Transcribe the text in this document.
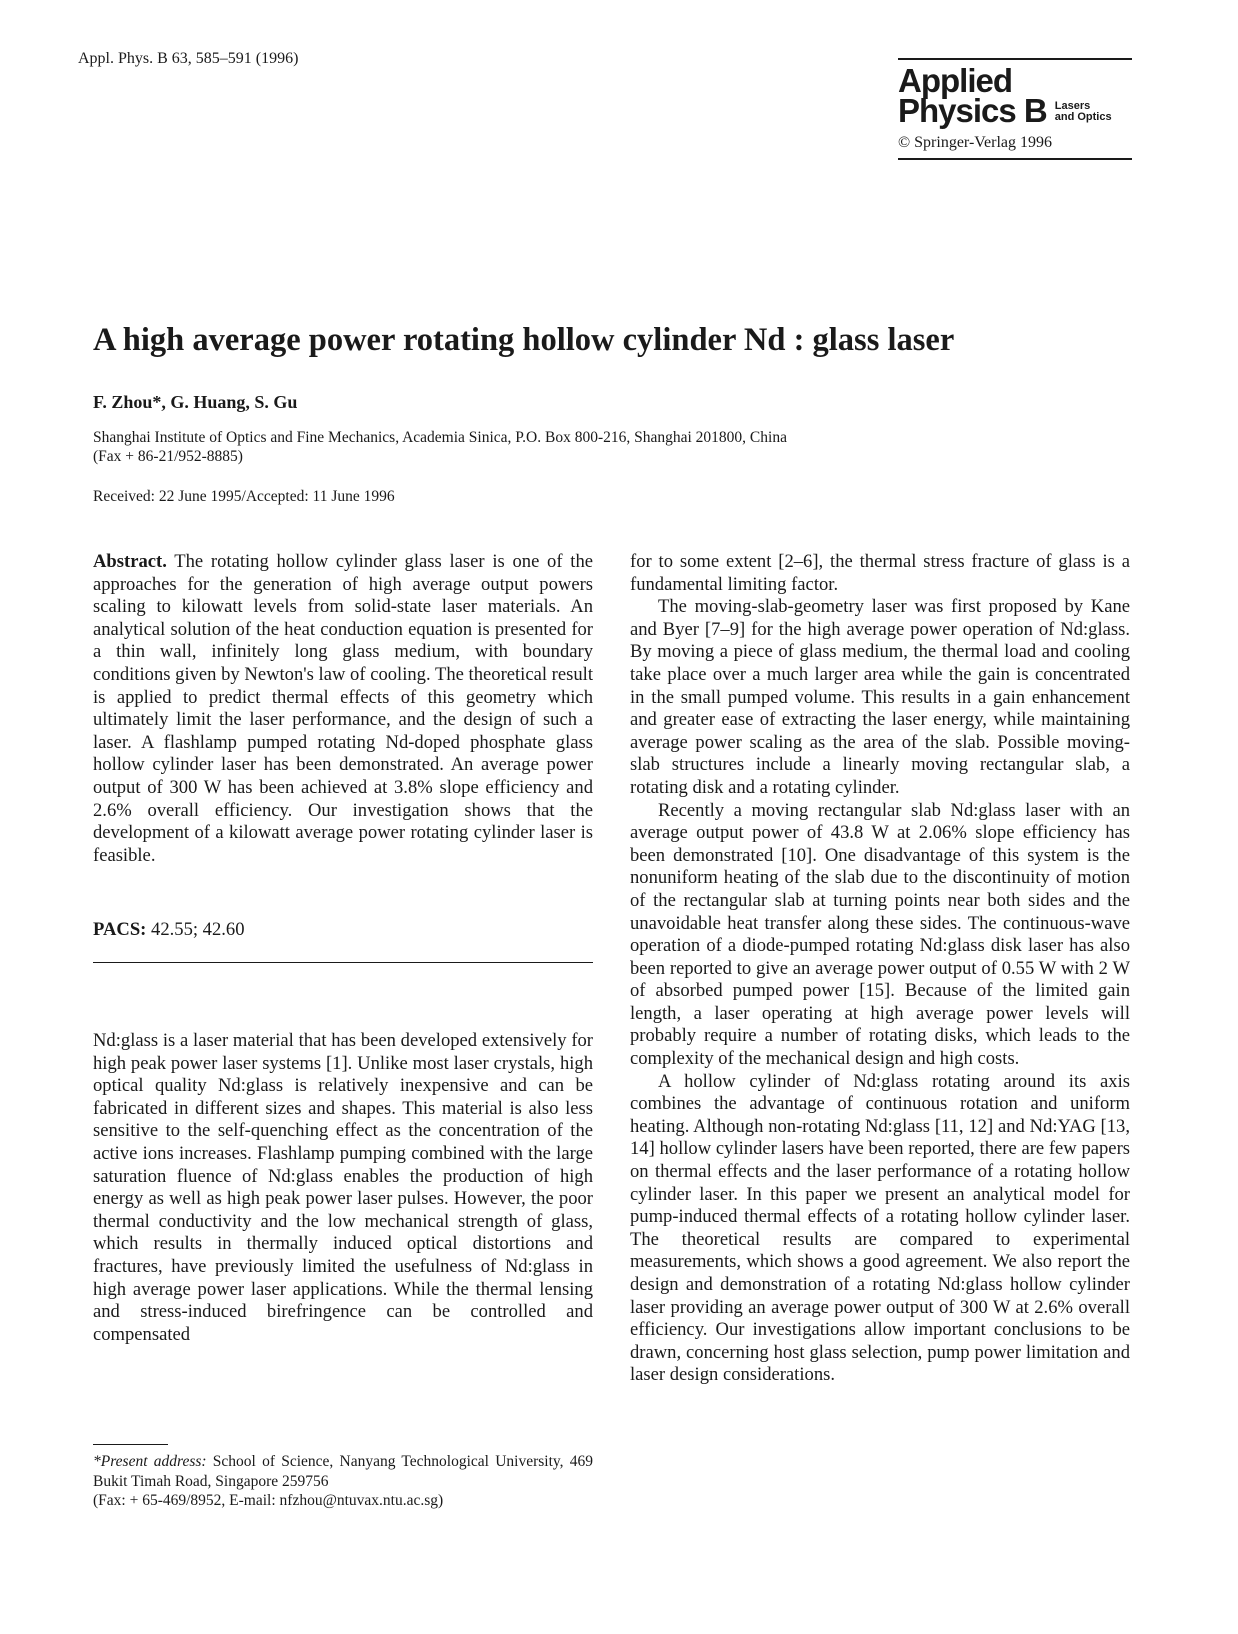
Appl. Phys. B 63, 585–591 (1996)
Applied
Physics B Lasers
and Optics
© Springer-Verlag 1996
A high average power rotating hollow cylinder Nd : glass laser
F. Zhou*, G. Huang, S. Gu
Shanghai Institute of Optics and Fine Mechanics, Academia Sinica, P.O. Box 800-216, Shanghai 201800, China
(Fax + 86-21/952-8885)
Received: 22 June 1995/Accepted: 11 June 1996

Abstract. The rotating hollow cylinder glass laser is one of the approaches for the generation of high average output powers scaling to kilowatt levels from solid-state laser materials. An analytical solution of the heat conduction equation is presented for a thin wall, infinitely long glass medium, with boundary conditions given by Newton's law of cooling. The theoretical result is applied to predict thermal effects of this geometry which ultimately limit the laser performance, and the design of such a laser. A flashlamp pumped rotating Nd-doped phosphate glass hollow cylinder laser has been demonstrated. An average power output of 300 W has been achieved at 3.8% slope efficiency and 2.6% overall efficiency. Our investigation shows that the development of a kilowatt average power rotating cylinder laser is feasible.

PACS: 42.55; 42.60

Nd:glass is a laser material that has been developed extensively for high peak power laser systems [1]. Unlike most laser crystals, high optical quality Nd:glass is relatively inexpensive and can be fabricated in different sizes and shapes. This material is also less sensitive to the self-quenching effect as the concentration of the active ions increases. Flashlamp pumping combined with the large saturation fluence of Nd:glass enables the production of high energy as well as high peak power laser pulses. However, the poor thermal conductivity and the low mechanical strength of glass, which results in thermally induced optical distortions and fractures, have previously limited the usefulness of Nd:glass in high average power laser applications. While the thermal lensing and stress-induced birefringence can be controlled and compensated

*Present address: School of Science, Nanyang Technological University, 469 Bukit Timah Road, Singapore 259756
(Fax: + 65-469/8952, E-mail: nfzhou@ntuvax.ntu.ac.sg)

for to some extent [2–6], the thermal stress fracture of glass is a fundamental limiting factor.

The moving-slab-geometry laser was first proposed by Kane and Byer [7–9] for the high average power operation of Nd:glass. By moving a piece of glass medium, the thermal load and cooling take place over a much larger area while the gain is concentrated in the small pumped volume. This results in a gain enhancement and greater ease of extracting the laser energy, while maintaining average power scaling as the area of the slab. Possible moving-slab structures include a linearly moving rectangular slab, a rotating disk and a rotating cylinder.

Recently a moving rectangular slab Nd:glass laser with an average output power of 43.8 W at 2.06% slope efficiency has been demonstrated [10]. One disadvantage of this system is the nonuniform heating of the slab due to the discontinuity of motion of the rectangular slab at turning points near both sides and the unavoidable heat transfer along these sides. The continuous-wave operation of a diode-pumped rotating Nd:glass disk laser has also been reported to give an average power output of 0.55 W with 2 W of absorbed pumped power [15]. Because of the limited gain length, a laser operating at high average power levels will probably require a number of rotating disks, which leads to the complexity of the mechanical design and high costs.

A hollow cylinder of Nd:glass rotating around its axis combines the advantage of continuous rotation and uniform heating. Although non-rotating Nd:glass [11, 12] and Nd:YAG [13, 14] hollow cylinder lasers have been reported, there are few papers on thermal effects and the laser performance of a rotating hollow cylinder laser. In this paper we present an analytical model for pump-induced thermal effects of a rotating hollow cylinder laser. The theoretical results are compared to experimental measurements, which shows a good agreement. We also report the design and demonstration of a rotating Nd:glass hollow cylinder laser providing an average power output of 300 W at 2.6% overall efficiency. Our investigations allow important conclusions to be drawn, concerning host glass selection, pump power limitation and laser design considerations.
